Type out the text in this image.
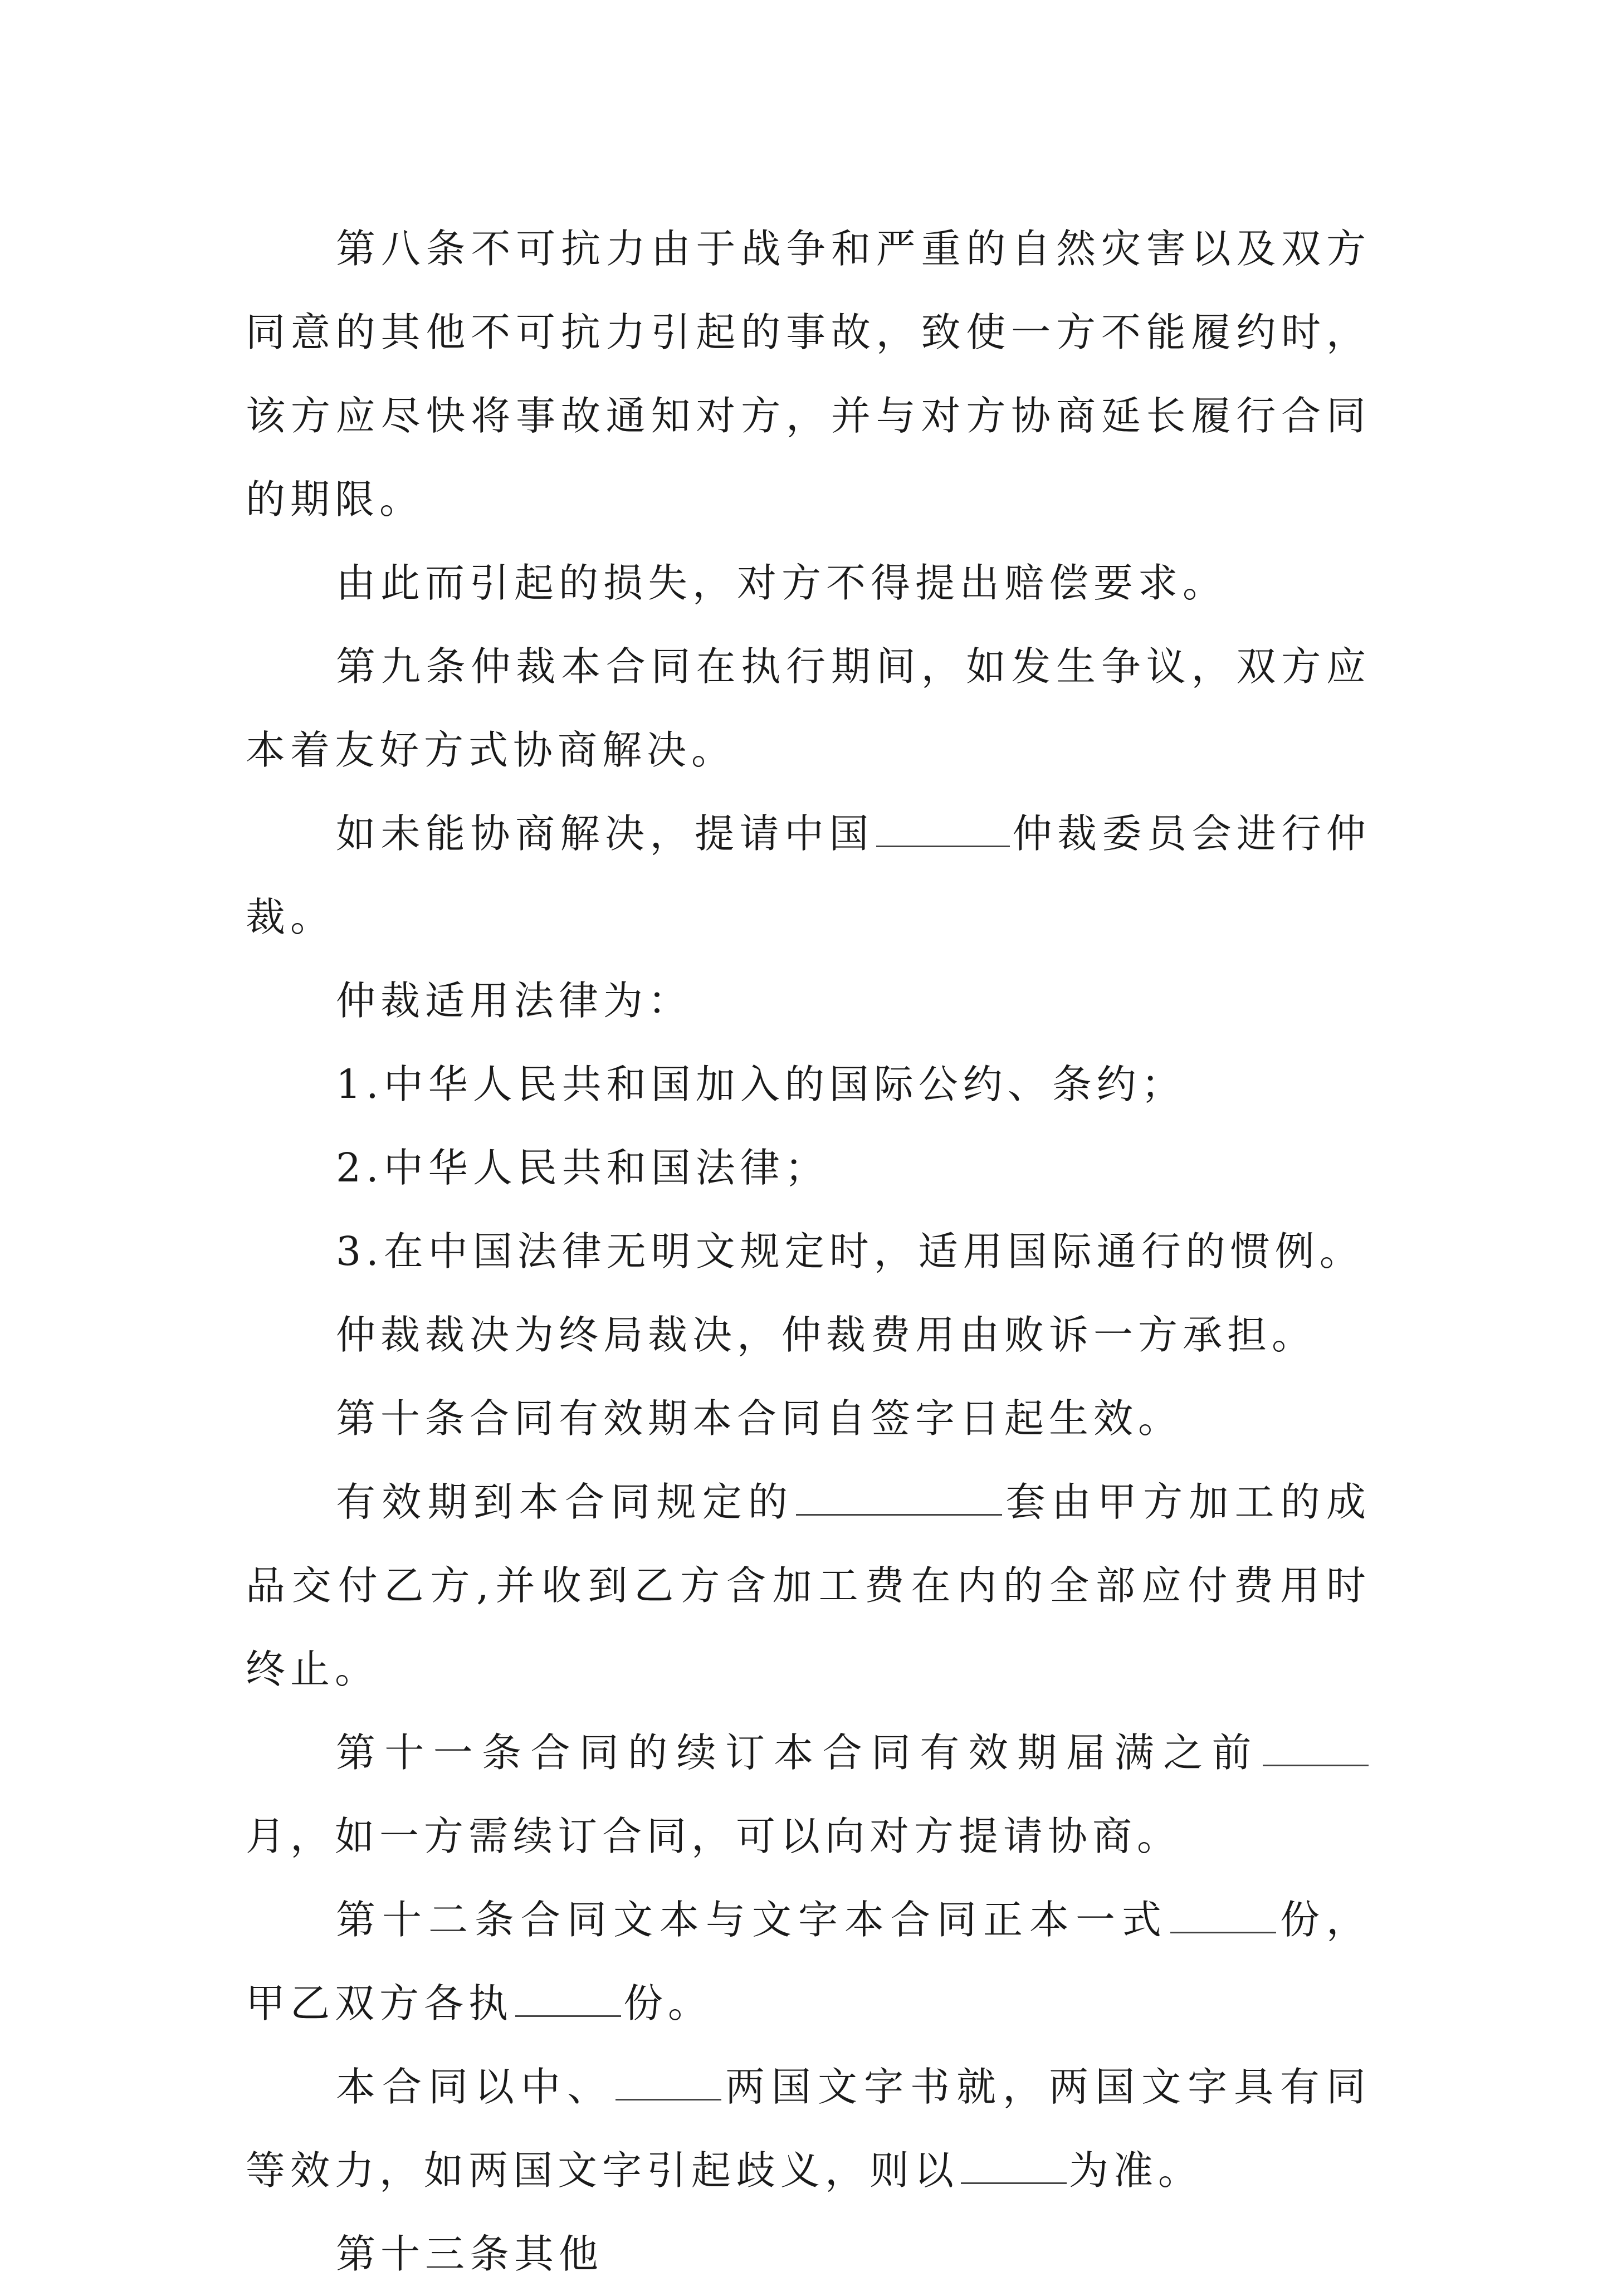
第八条不可抗力由于战争和严重的自然灾害以及双方同意的其他不可抗力引起的事故，致使一方不能履约时，该方应尽快将事故通知对方，并与对方协商延长履行合同的期限。

由此而引起的损失，对方不得提出赔偿要求。

第九条仲裁本合同在执行期间，如发生争议，双方应本着友好方式协商解决。

如未能协商解决，提请中国	仲裁委员会进行仲裁。

仲裁适用法律为：

1.中华人民共和国加入的国际公约、条约；

2.中华人民共和国法律；

3.在中国法律无明文规定时，适用国际通行的惯例。

仲裁裁决为终局裁决，仲裁费用由败诉一方承担。

第十条合同有效期本合同自签字日起生效。

有效期到本合同规定的	套由甲方加工的成品交付乙方,并收到乙方含加工费在内的全部应付费用时终止。

第十一条合同的续订本合同有效期届满之前月，如一方需续订合同，可以向对方提请协商。

第十二条合同文本与文字本合同正本一式	份，甲乙双方各执	份。

本合同以中、	两国文字书就，两国文字具有同等效力，如两国文字引起歧义，则以	为准。

第十三条其他
